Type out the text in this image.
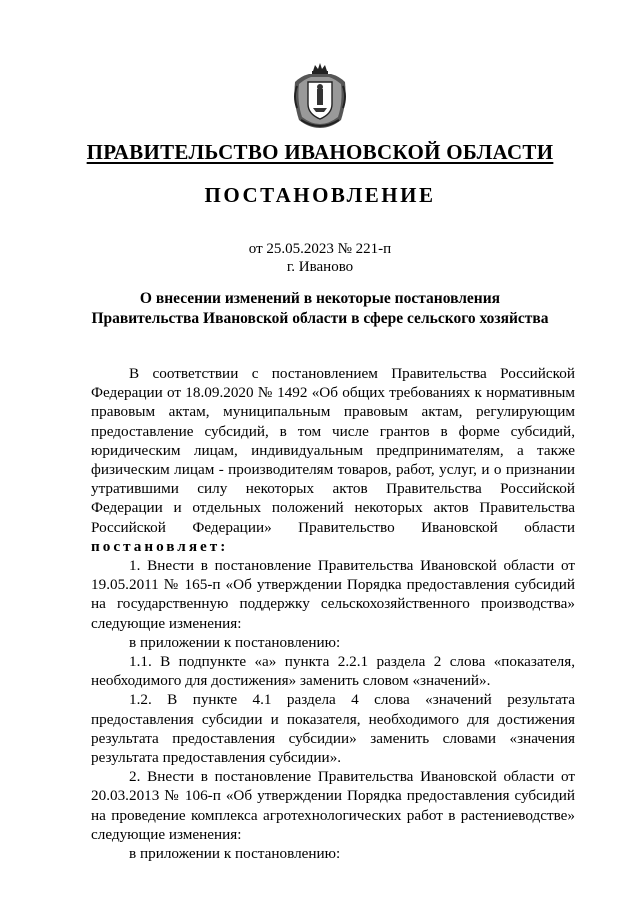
ПРАВИТЕЛЬСТВО ИВАНОВСКОЙ ОБЛАСТИ
ПОСТАНОВЛЕНИЕ
от 25.05.2023 № 221-п
г. Иваново
О внесении изменений в некоторые постановления
Правительства Ивановской области в сфере сельского хозяйства

В соответствии с постановлением Правительства Российской Федерации от 18.09.2020 № 1492 «Об общих требованиях к нормативным правовым актам, муниципальным правовым актам, регулирующим предоставление субсидий, в том числе грантов в форме субсидий, юридическим лицам, индивидуальным предпринимателям, а также физическим лицам - производителям товаров, работ, услуг, и о признании утратившими силу некоторых актов Правительства Российской Федерации и отдельных положений некоторых актов Правительства Российской Федерации» Правительство Ивановской области постановляет:

1. Внести в постановление Правительства Ивановской области от 19.05.2011 № 165-п «Об утверждении Порядка предоставления субсидий на государственную поддержку сельскохозяйственного производства» следующие изменения:

в приложении к постановлению:

1.1. В подпункте «а» пункта 2.2.1 раздела 2 слова «показателя, необходимого для достижения» заменить словом «значений».

1.2. В пункте 4.1 раздела 4 слова «значений результата предоставления субсидии и показателя, необходимого для достижения результата предоставления субсидии» заменить словами «значения результата предоставления субсидии».

2. Внести в постановление Правительства Ивановской области от 20.03.2013 № 106-п «Об утверждении Порядка предоставления субсидий на проведение комплекса агротехнологических работ в растениеводстве» следующие изменения:

в приложении к постановлению:
